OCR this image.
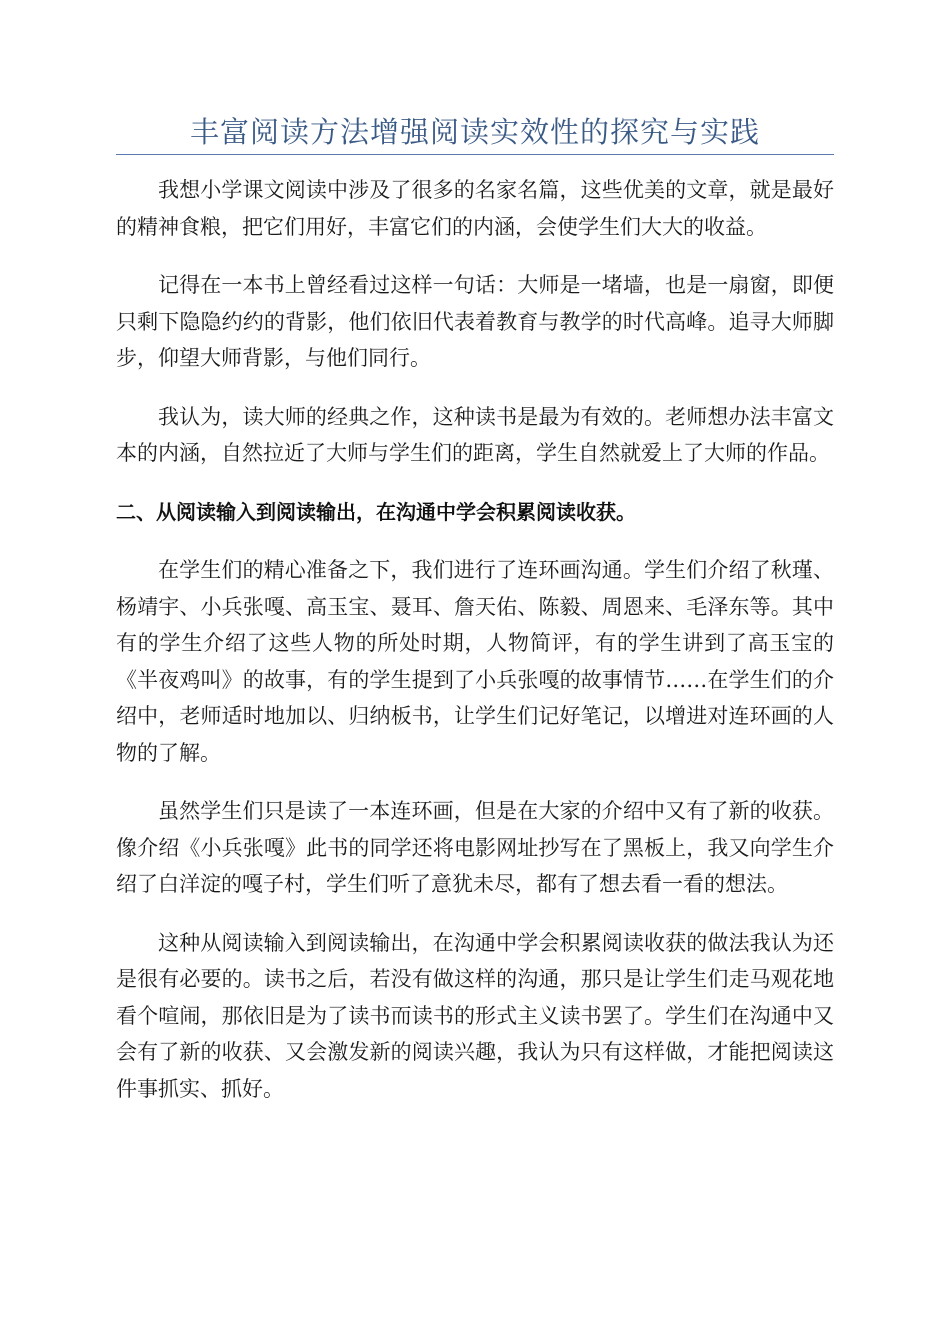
丰富阅读方法增强阅读实效性的探究与实践

我想小学课文阅读中涉及了很多的名家名篇，这些优美的文章，就是最好的精神食粮，把它们用好，丰富它们的内涵，会使学生们大大的收益。

记得在一本书上曾经看过这样一句话：大师是一堵墙，也是一扇窗，即便只剩下隐隐约约的背影，他们依旧代表着教育与教学的时代高峰。追寻大师脚步，仰望大师背影，与他们同行。

我认为，读大师的经典之作，这种读书是最为有效的。老师想办法丰富文本的内涵，自然拉近了大师与学生们的距离，学生自然就爱上了大师的作品。

二、从阅读输入到阅读输出，在沟通中学会积累阅读收获。

在学生们的精心准备之下，我们进行了连环画沟通。学生们介绍了秋瑾、杨靖宇、小兵张嘎、高玉宝、聂耳、詹天佑、陈毅、周恩来、毛泽东等。其中有的学生介绍了这些人物的所处时期，人物简评，有的学生讲到了高玉宝的《半夜鸡叫》的故事，有的学生提到了小兵张嘎的故事情节……在学生们的介绍中，老师适时地加以、归纳板书，让学生们记好笔记，以增进对连环画的人物的了解。

虽然学生们只是读了一本连环画，但是在大家的介绍中又有了新的收获。像介绍《小兵张嘎》此书的同学还将电影网址抄写在了黑板上，我又向学生介绍了白洋淀的嘎子村，学生们听了意犹未尽，都有了想去看一看的想法。

这种从阅读输入到阅读输出，在沟通中学会积累阅读收获的做法我认为还是很有必要的。读书之后，若没有做这样的沟通，那只是让学生们走马观花地看个喧闹，那依旧是为了读书而读书的形式主义读书罢了。学生们在沟通中又会有了新的收获、又会激发新的阅读兴趣，我认为只有这样做，才能把阅读这件事抓实、抓好。
